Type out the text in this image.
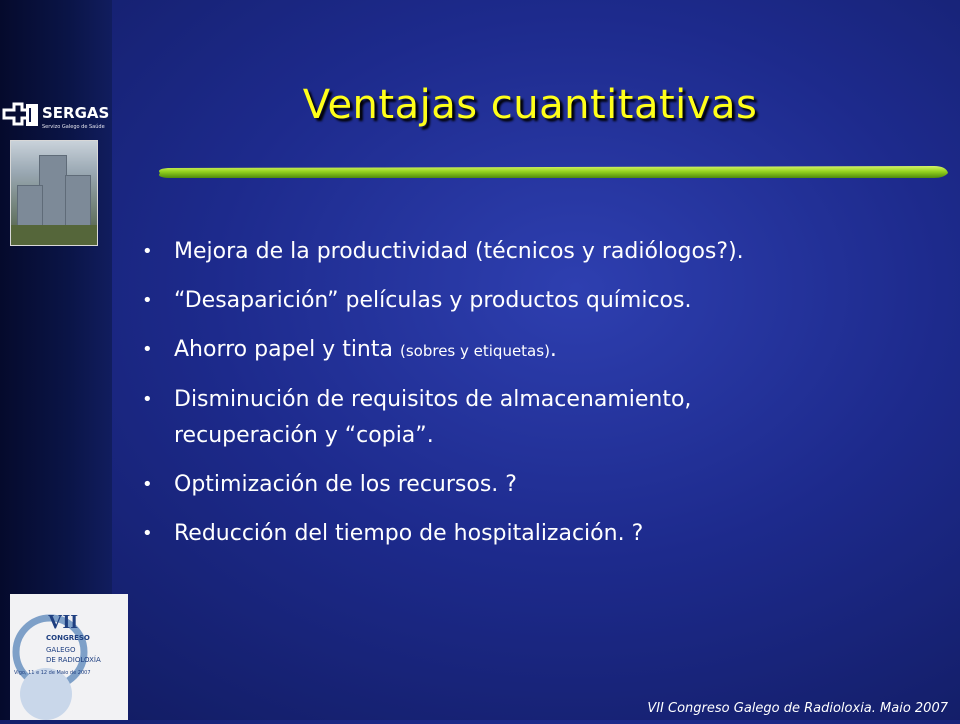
SERGAS
Servizo Galego de Saúde	Ventajas cuantitativas
• Mejora de la productividad (técnicos y radiólogos?).
• “Desaparición” películas y productos químicos.
• Ahorro papel y tinta (sobres y etiquetas).
• Disminución de requisitos de almacenamiento,
recuperación y “copia”.
• Optimización de los recursos. ?
• Reducción del tiempo de hospitalización. ?
VII
CONGRESO
GALEGO
DE RADIOLOXÍA
Vigo, 11 e 12 de Maio de 2007
VII Congreso Galego de Radioloxia. Maio 2007
